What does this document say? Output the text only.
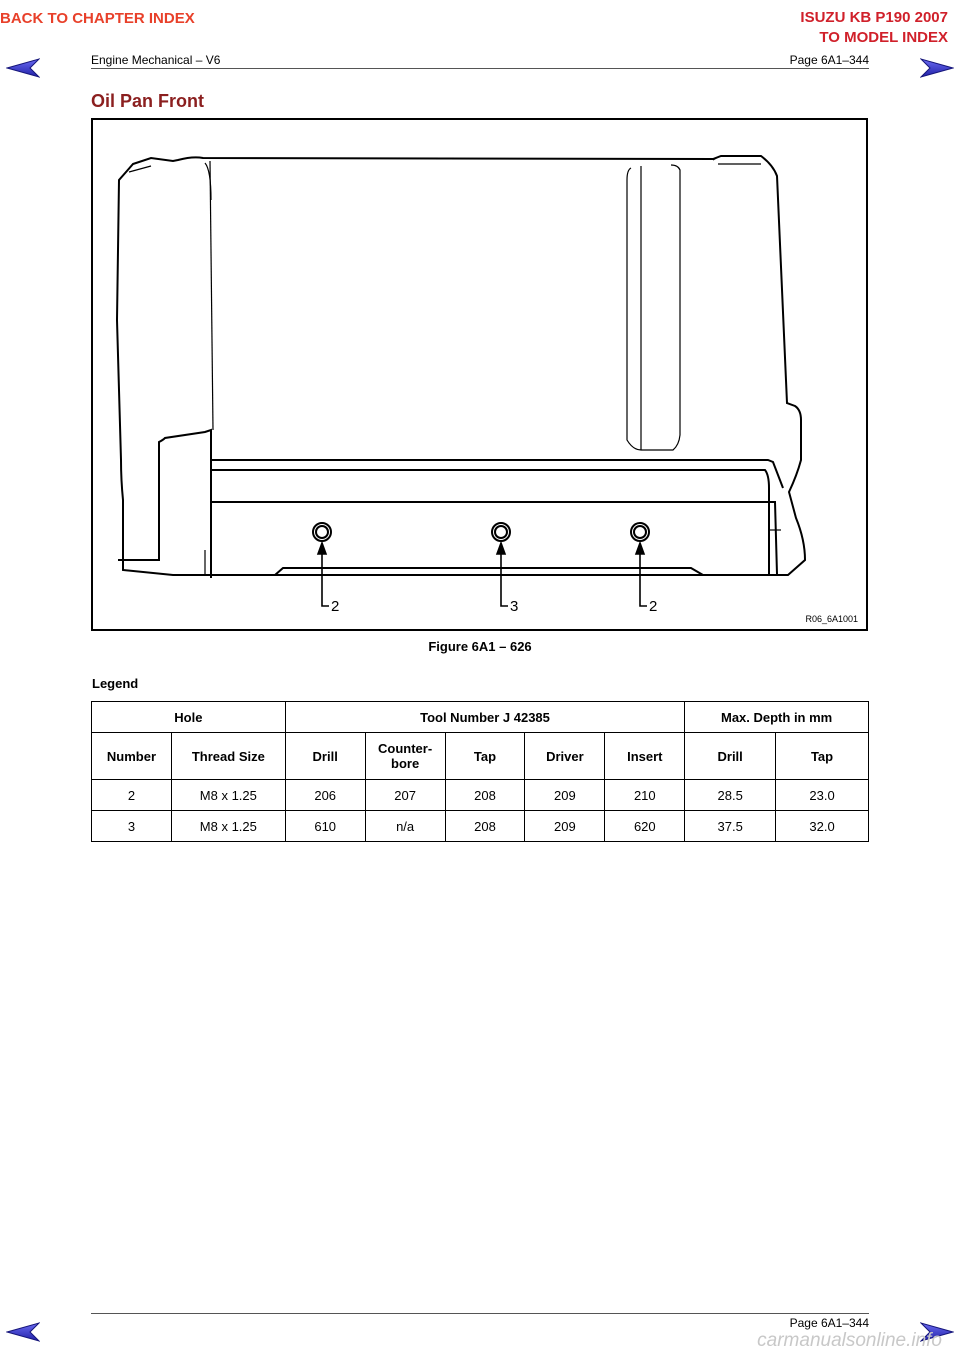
BACK TO CHAPTER INDEX	ISUZU KB P190 2007
TO MODEL INDEX
Engine Mechanical – V6	Page 6A1–344
Oil Pan Front
2	3	2
R06_6A1001
Figure 6A1 – 626
Legend
Hole		Tool Number J 42385					Max. Depth in mm	
Number	Thread Size	Drill	Counter-
bore	Tap	Driver	Insert	Drill	Tap
2	M8 x 1.25	206	207	208	209	210	28.5	23.0
3	M8 x 1.25	610	n/a	208	209	620	37.5	32.0
Page 6A1–344
carmanualsonline.info
